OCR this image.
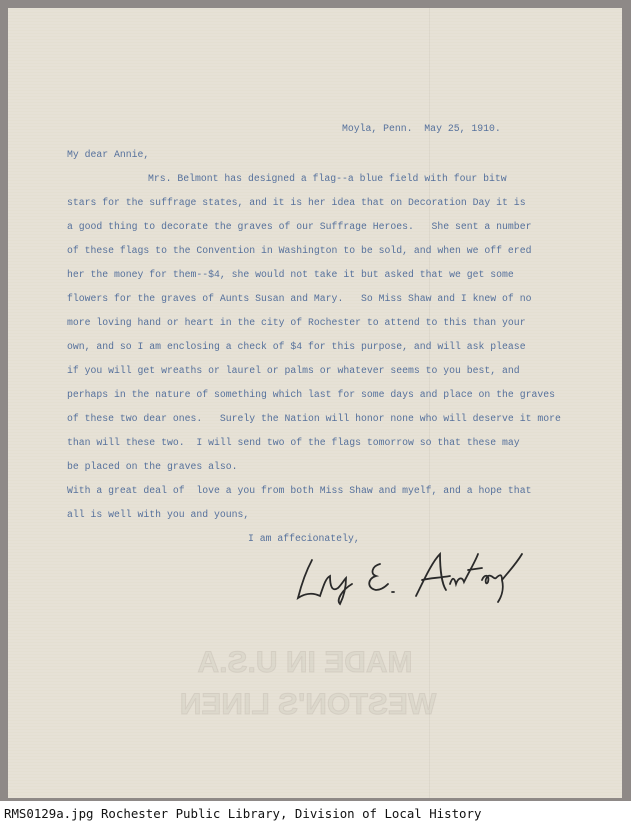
Moyla, Penn.  May 25, 1910.
My dear Annie,
Mrs. Belmont has designed a flag--a blue field with four bitw
stars for the suffrage states, and it is her idea that on Decoration Day it is
a good thing to decorate the graves of our Suffrage Heroes.   She sent a number
of these flags to the Convention in Washington to be sold, and when we off ered
her the money for them--$4, she would not take it but asked that we get some
flowers for the graves of Aunts Susan and Mary.   So Miss Shaw and I knew of no
more loving hand or heart in the city of Rochester to attend to this than your
own, and so I am enclosing a check of $4 for this purpose, and will ask please
if you will get wreaths or laurel or palms or whatever seems to you best, and
perhaps in the nature of something which last for some days and place on the graves
of these two dear ones.   Surely the Nation will honor none who will deserve it more
than will these two.  I will send two of the flags tomorrow so that these may
be placed on the graves also.
With a great deal of  love a you from both Miss Shaw and myelf, and a hope that
all is well with you and youns,
I am affecionately,
MADE IN U.S.A
WESTON'S LINEN
RMS0129a.jpg Rochester Public Library, Division of Local History
